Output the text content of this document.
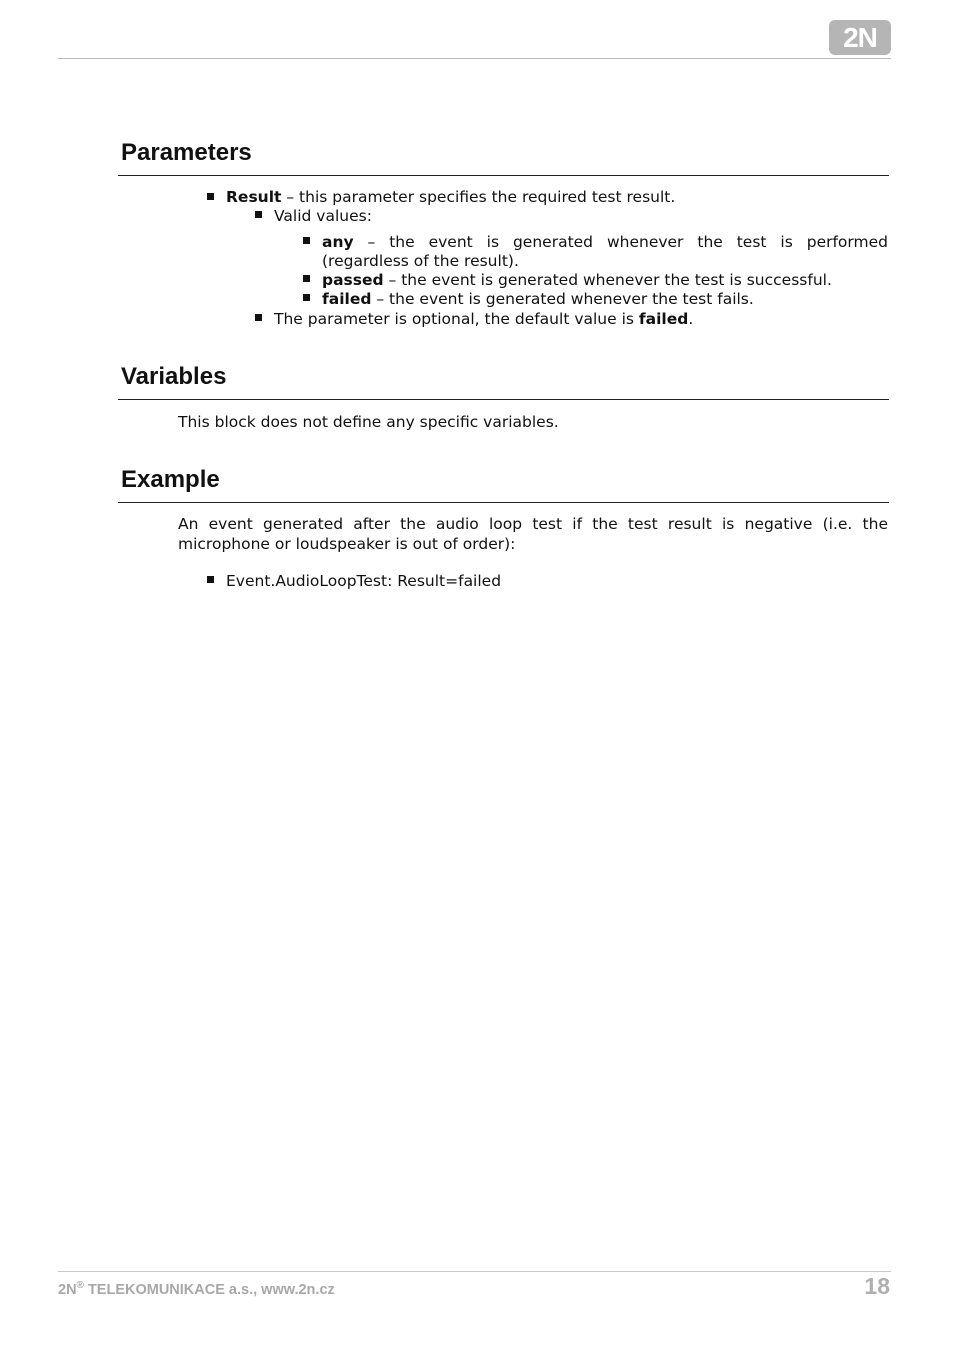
2N
Parameters
Result – this parameter specifies the required test result.
Valid values:
any – the event is generated whenever the test is performed
(regardless of the result).
passed – the event is generated whenever the test is successful.
failed – the event is generated whenever the test fails.
The parameter is optional, the default value is failed.
Variables
This block does not define any specific variables.
Example
An event generated after the audio loop test if the test result is negative (i.e. the
microphone or loudspeaker is out of order):
Event.AudioLoopTest: Result=failed
2N® TELEKOMUNIKACE a.s., www.2n.cz	18
